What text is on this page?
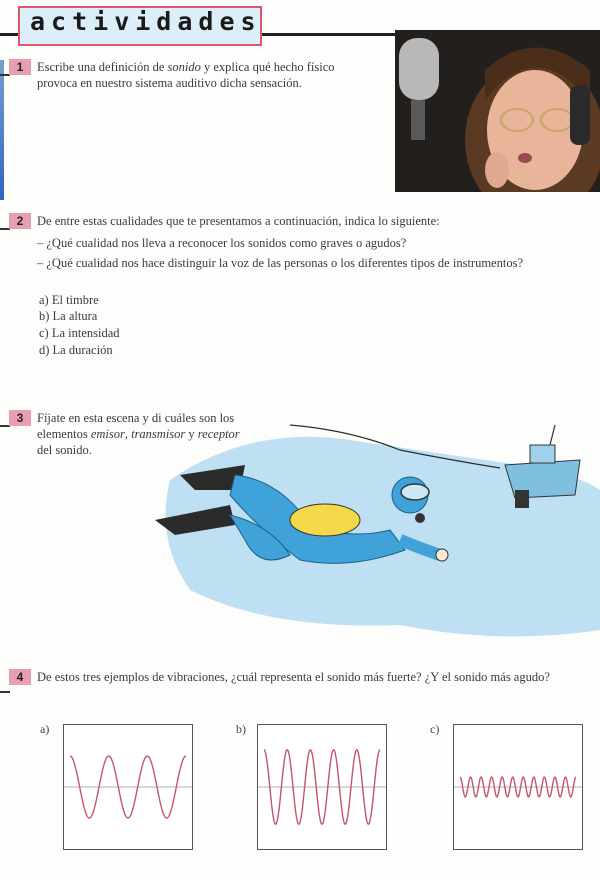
actividades
1	Escribe una definición de sonido y explica qué hecho físico provoca en nuestro sistema auditivo dicha sensación.
2	De entre estas cualidades que te presentamos a continuación, indica lo siguiente:
– ¿Qué cualidad nos lleva a reconocer los sonidos como graves o agudos?
– ¿Qué cualidad nos hace distinguir la voz de las personas o los diferentes tipos de instrumentos?
a) El timbre
b) La altura
c) La intensidad
d) La duración
3	Fíjate en esta escena y di cuáles son los
elementos emisor, transmisor y receptor
del sonido.
4	De estos tres ejemplos de vibraciones, ¿cuál representa el sonido más fuerte? ¿Y el sonido más agudo?
a)	b)	c)
